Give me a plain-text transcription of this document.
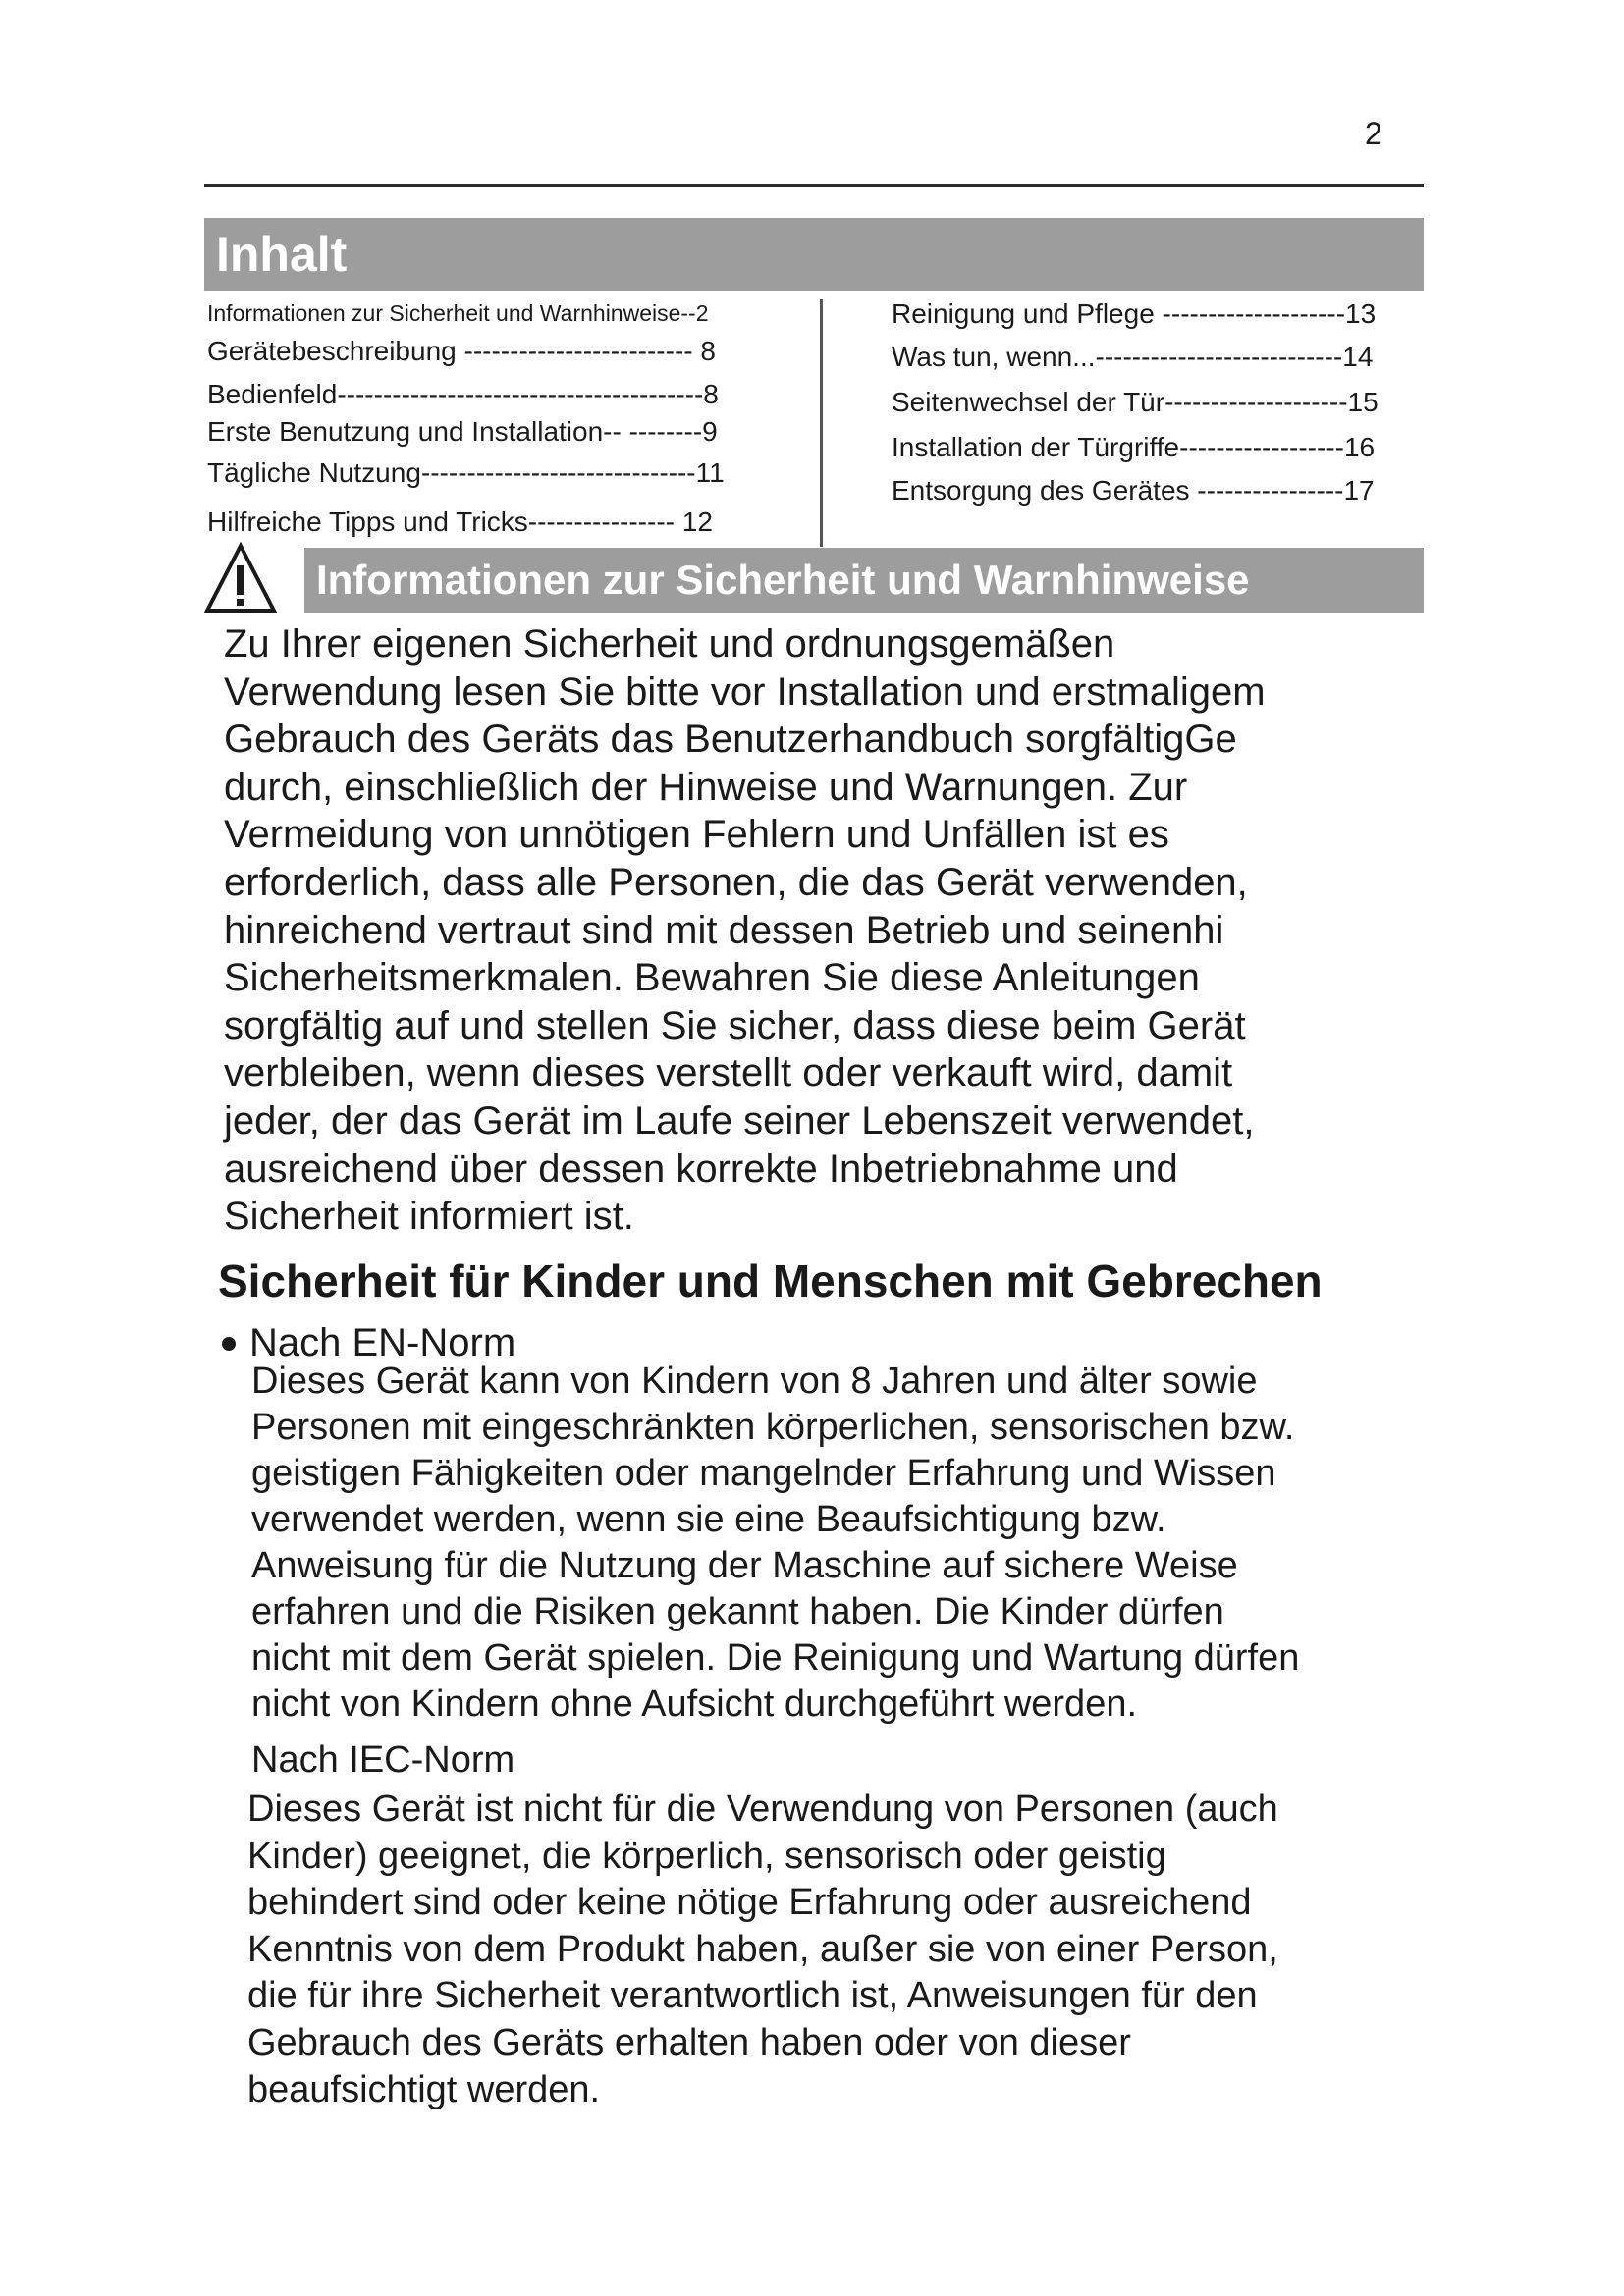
2
Inhalt
Informationen zur Sicherheit und Warnhinweise--2
Gerätebeschreibung ------------------------- 8
Bedienfeld----------------------------------------8
Erste Benutzung und Installation-- --------9
Tägliche Nutzung------------------------------11
Hilfreiche Tipps und Tricks---------------- 12
Reinigung und Pflege --------------------13
Was tun, wenn...---------------------------14
Seitenwechsel der Tür--------------------15
Installation der Türgriffe------------------16
Entsorgung des Gerätes ----------------17
Informationen zur Sicherheit und Warnhinweise
Zu Ihrer eigenen Sicherheit und ordnungsgemäßen
Verwendung lesen Sie bitte vor Installation und erstmaligem
Gebrauch des Geräts das Benutzerhandbuch sorgfältigGe
durch, einschließlich der Hinweise und Warnungen. Zur
Vermeidung von unnötigen Fehlern und Unfällen ist es
erforderlich, dass alle Personen, die das Gerät verwenden,
hinreichend vertraut sind mit dessen Betrieb und seinenhi
Sicherheitsmerkmalen. Bewahren Sie diese Anleitungen
sorgfältig auf und stellen Sie sicher, dass diese beim Gerät
verbleiben, wenn dieses verstellt oder verkauft wird, damit
jeder, der das Gerät im Laufe seiner Lebenszeit verwendet,
ausreichend über dessen korrekte Inbetriebnahme und
Sicherheit informiert ist.
Sicherheit für Kinder und Menschen mit Gebrechen
Nach EN-Norm
Dieses Gerät kann von Kindern von 8 Jahren und älter sowie
Personen mit eingeschränkten körperlichen, sensorischen bzw.
geistigen Fähigkeiten oder mangelnder Erfahrung und Wissen
verwendet werden, wenn sie eine Beaufsichtigung bzw.
Anweisung für die Nutzung der Maschine auf sichere Weise
erfahren und die Risiken gekannt haben. Die Kinder dürfen
nicht mit dem Gerät spielen. Die Reinigung und Wartung dürfen
nicht von Kindern ohne Aufsicht durchgeführt werden.
Nach IEC-Norm
Dieses Gerät ist nicht für die Verwendung von Personen (auch
Kinder) geeignet, die körperlich, sensorisch oder geistig
behindert sind oder keine nötige Erfahrung oder ausreichend
Kenntnis von dem Produkt haben, außer sie von einer Person,
die für ihre Sicherheit verantwortlich ist, Anweisungen für den
Gebrauch des Geräts erhalten haben oder von dieser
beaufsichtigt werden.
